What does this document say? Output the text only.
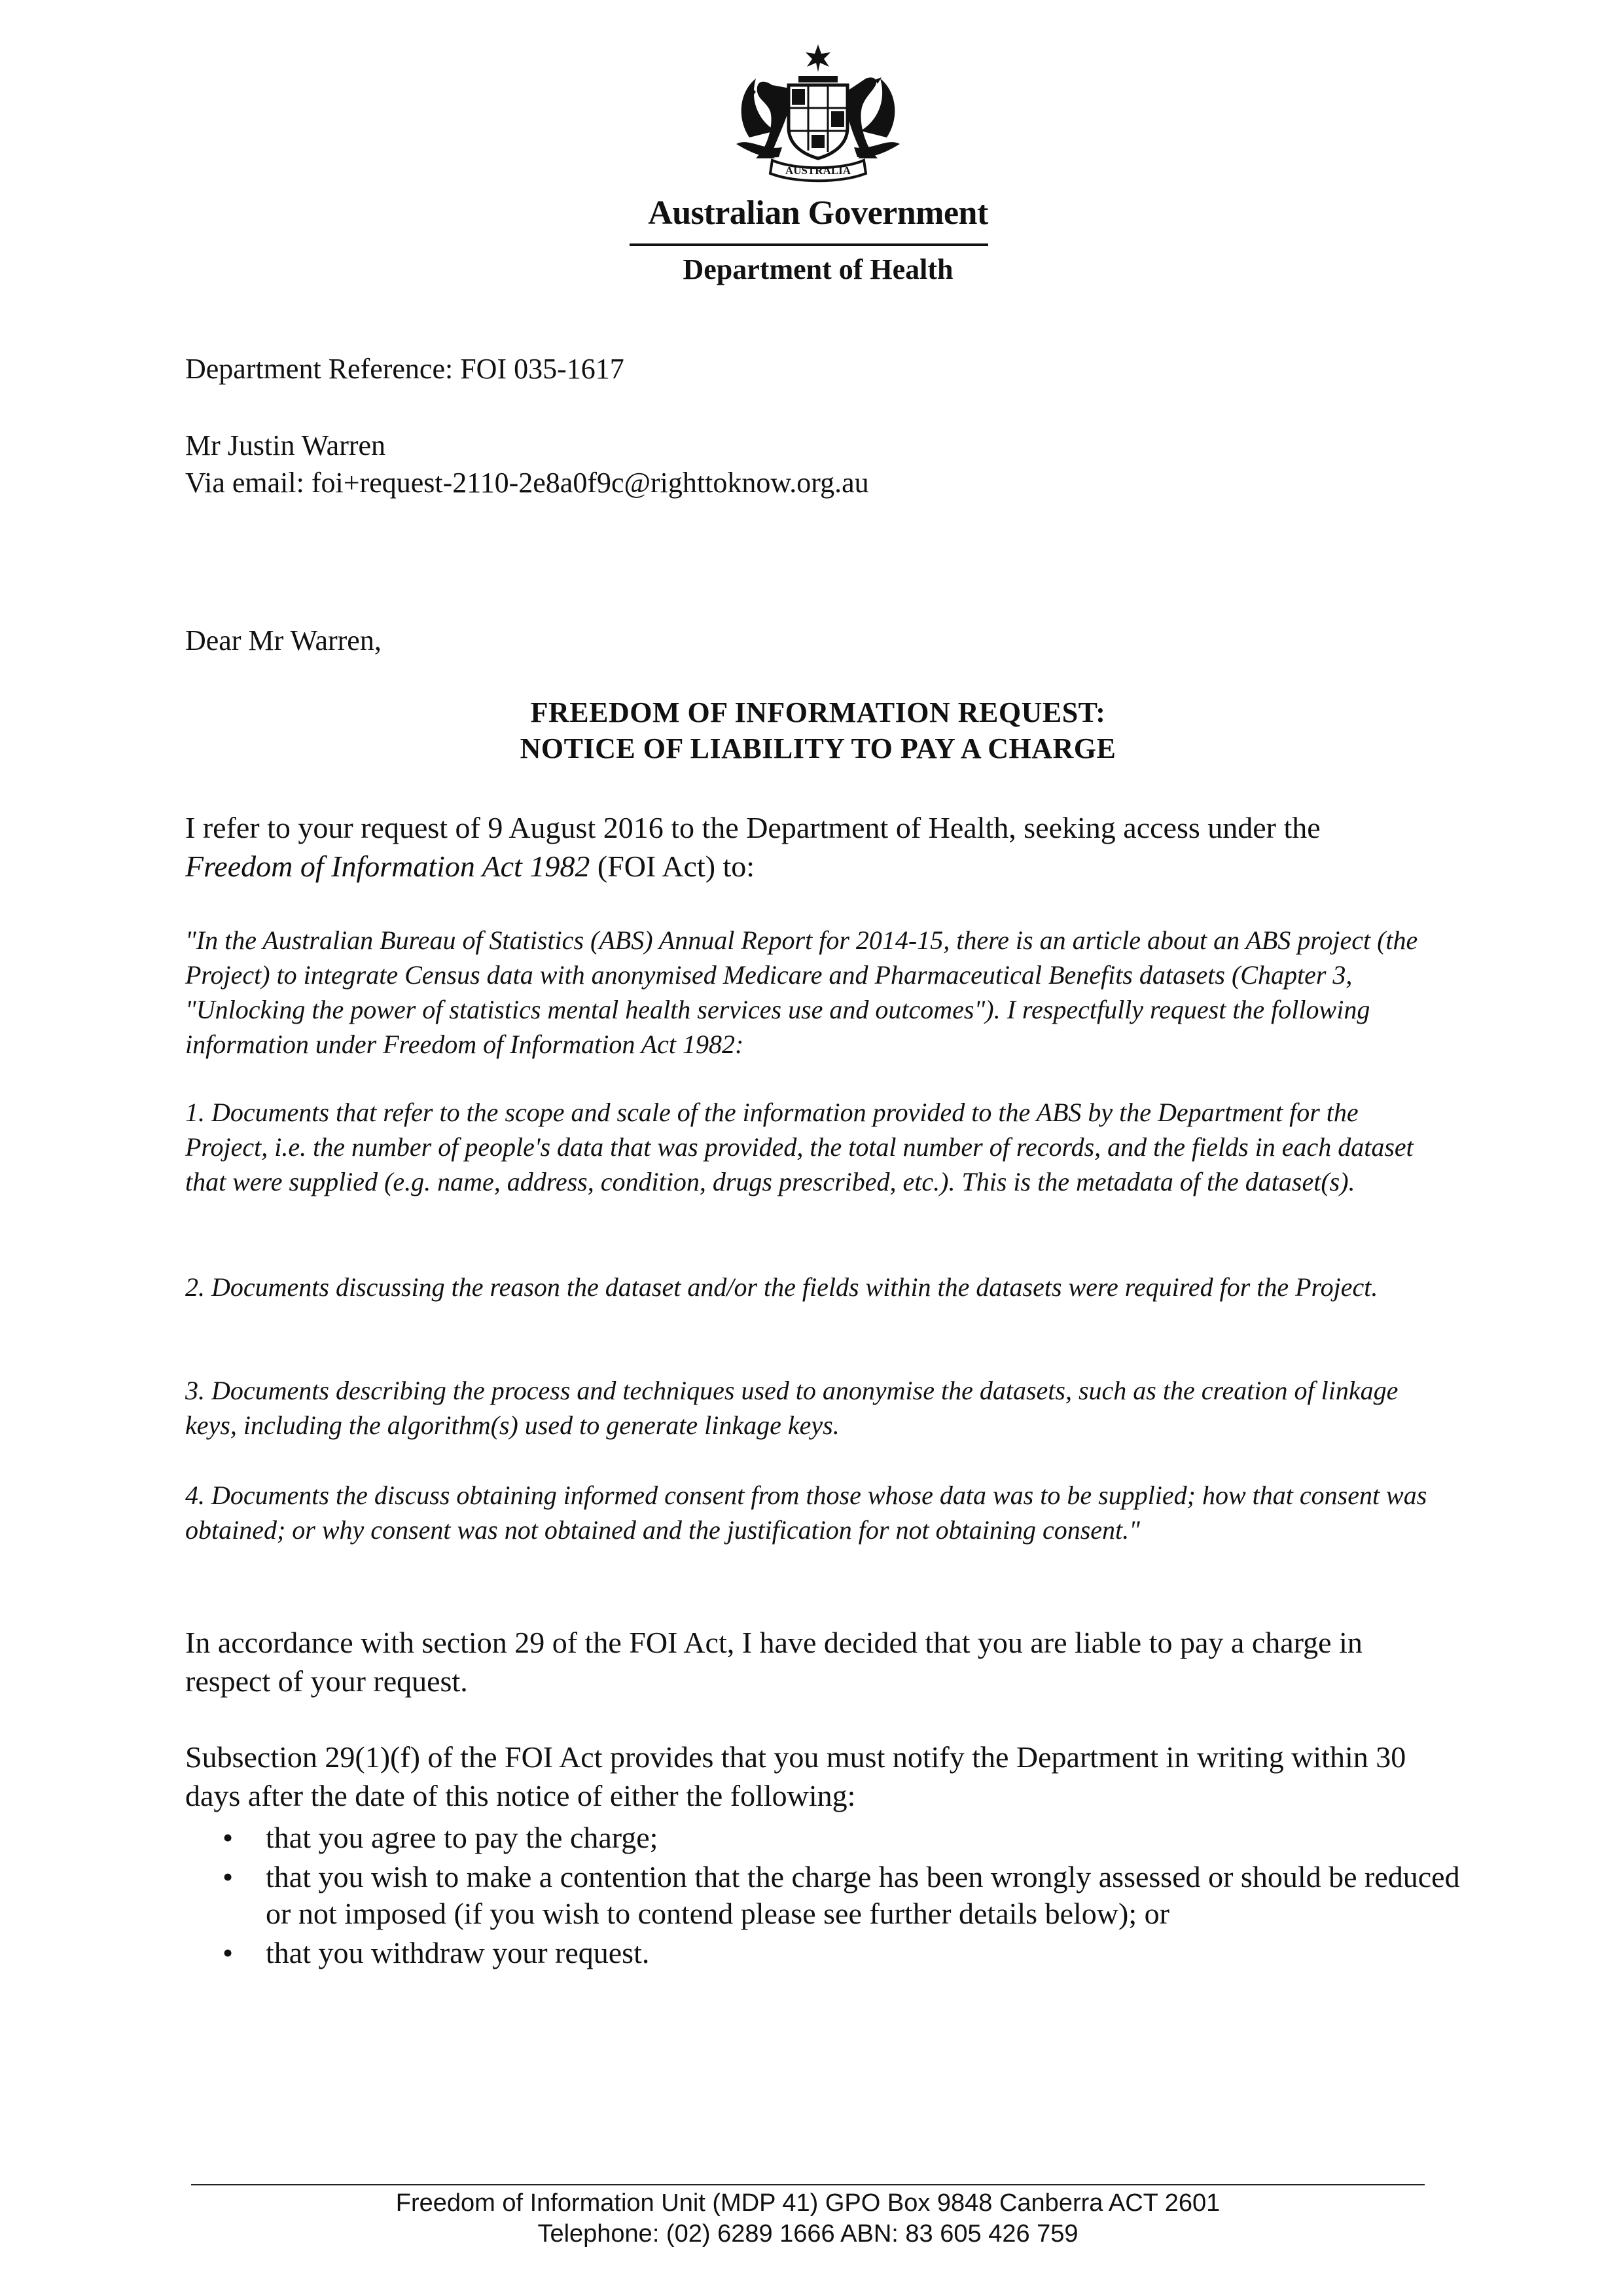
AUSTRALIA
Australian Government
Department of Health
Department Reference: FOI 035-1617
Mr Justin Warren
Via email: foi+request-2110-2e8a0f9c@righttoknow.org.au
Dear Mr Warren,
FREEDOM OF INFORMATION REQUEST:
NOTICE OF LIABILITY TO PAY A CHARGE
I refer to your request of 9 August 2016 to the Department of Health, seeking access under the Freedom of Information Act 1982 (FOI Act) to:
"In the Australian Bureau of Statistics (ABS) Annual Report for 2014-15, there is an article about an ABS project (the Project) to integrate Census data with anonymised Medicare and Pharmaceutical Benefits datasets (Chapter 3, "Unlocking the power of statistics mental health services use and outcomes"). I respectfully request the following information under Freedom of Information Act 1982:
1. Documents that refer to the scope and scale of the information provided to the ABS by the Department for the Project, i.e. the number of people's data that was provided, the total number of records, and the fields in each dataset that were supplied (e.g. name, address, condition, drugs prescribed, etc.). This is the metadata of the dataset(s).
2. Documents discussing the reason the dataset and/or the fields within the datasets were required for the Project.
3. Documents describing the process and techniques used to anonymise the datasets, such as the creation of linkage keys, including the algorithm(s) used to generate linkage keys.
4. Documents the discuss obtaining informed consent from those whose data was to be supplied; how that consent was obtained; or why consent was not obtained and the justification for not obtaining consent."
In accordance with section 29 of the FOI Act, I have decided that you are liable to pay a charge in respect of your request.
Subsection 29(1)(f) of the FOI Act provides that you must notify the Department in writing within 30 days after the date of this notice of either the following:
• that you agree to pay the charge;
• that you wish to make a contention that the charge has been wrongly assessed or should be reduced or not imposed (if you wish to contend please see further details below); or
• that you withdraw your request.
Freedom of Information Unit (MDP 41) GPO Box 9848 Canberra ACT 2601
Telephone: (02) 6289 1666 ABN: 83 605 426 759
